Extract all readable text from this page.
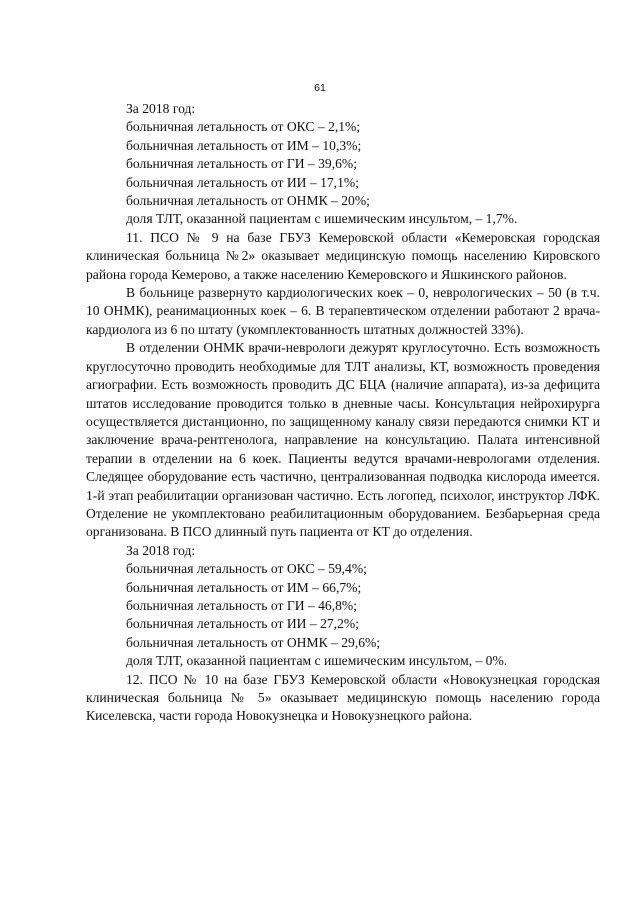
61

За 2018 год:

больничная летальность от ОКС – 2,1%;

больничная летальность от ИМ – 10,3%;

больничная летальность от ГИ – 39,6%;

больничная летальность от ИИ – 17,1%;

больничная летальность от ОНМК – 20%;

доля ТЛТ, оказанной пациентам с ишемическим инсультом, – 1,7%.

11. ПСО № 9 на базе ГБУЗ Кемеровской области «Кемеровская городская клиническая больница №2» оказывает медицинскую помощь населению Кировского района города Кемерово, а также населению Кемеровского и Яшкинского районов.

В больнице развернуто кардиологических коек – 0, неврологических – 50 (в т.ч. 10 ОНМК), реанимационных коек – 6. В терапевтическом отделении работают 2 врача-кардиолога из 6 по штату (укомплектованность штатных должностей 33%).

В отделении ОНМК врачи-неврологи дежурят круглосуточно. Есть возможность круглосуточно проводить необходимые для ТЛТ анализы, КТ, возможность проведения агиографии. Есть возможность проводить ДС БЦА (наличие аппарата), из-за дефицита штатов исследование проводится только в дневные часы. Консультация нейрохирурга осуществляется дистанционно, по защищенному каналу связи передаются снимки КТ и заключение врача-рентгенолога, направление на консультацию. Палата интенсивной терапии в отделении на 6 коек. Пациенты ведутся врачами-неврологами отделения. Следящее оборудование есть частично, централизованная подводка кислорода имеется. 1-й этап реабилитации организован частично. Есть логопед, психолог, инструктор ЛФК. Отделение не укомплектовано реабилитационным оборудованием. Безбарьерная среда организована. В ПСО длинный путь пациента от КТ до отделения.

За 2018 год:

больничная летальность от ОКС – 59,4%;

больничная летальность от ИМ – 66,7%;

больничная летальность от ГИ – 46,8%;

больничная летальность от ИИ – 27,2%;

больничная летальность от ОНМК – 29,6%;

доля ТЛТ, оказанной пациентам с ишемическим инсультом, – 0%.

12. ПСО № 10 на базе ГБУЗ Кемеровской области «Новокузнецкая городская клиническая больница № 5» оказывает медицинскую помощь населению города Киселевска, части города Новокузнецка и Новокузнецкого района.
